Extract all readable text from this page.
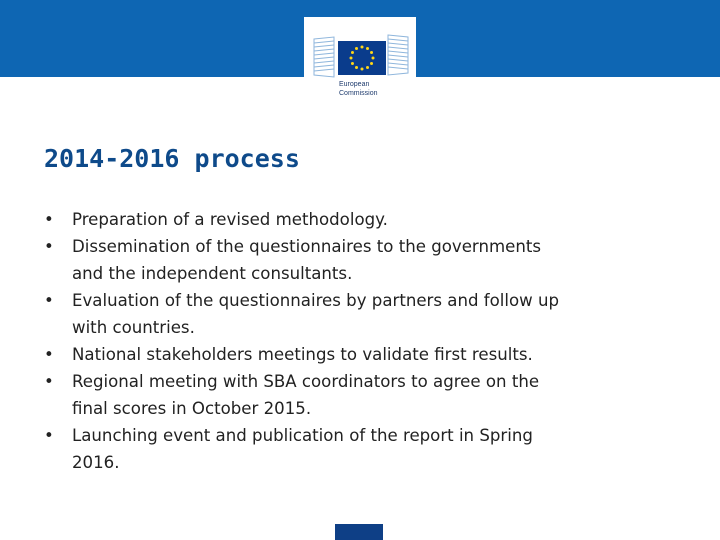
European
Commission
2014-2016 process
•	Preparation of a revised methodology.
•	Dissemination of the questionnaires to the governments
and the independent consultants.
•	Evaluation of the questionnaires by partners and follow up
with countries.
•	National stakeholders meetings to validate first results.
•	Regional meeting with SBA coordinators to agree on the
final scores in October 2015.
•	Launching event and publication of the report in Spring
2016.
